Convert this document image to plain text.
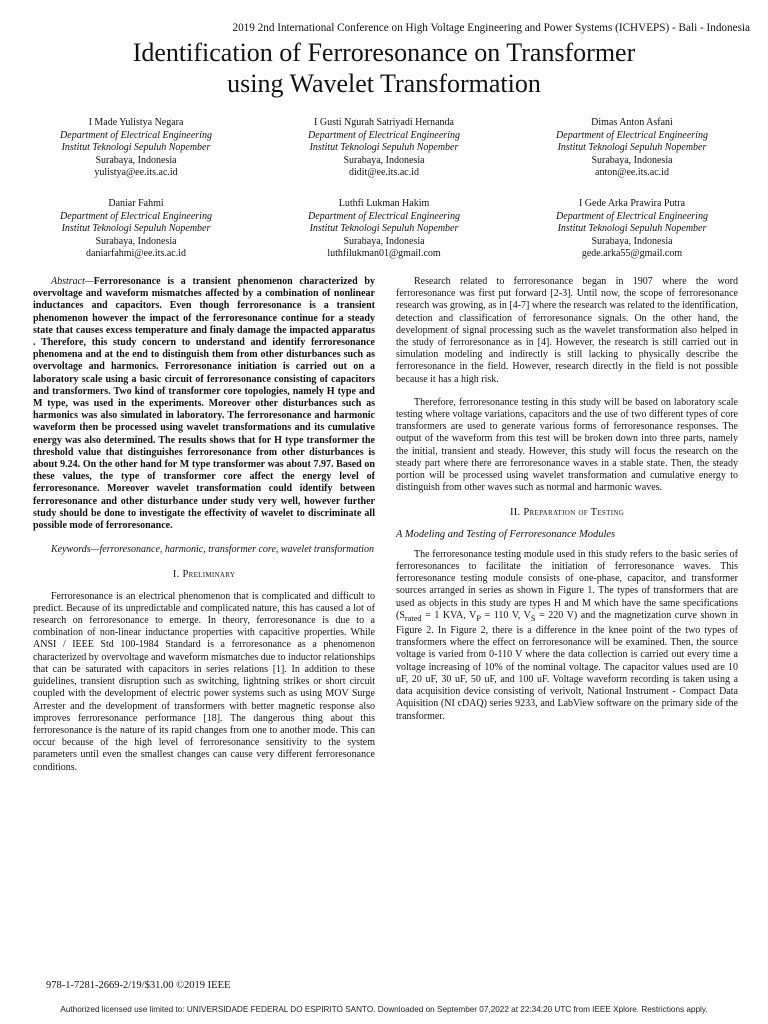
2019 2nd International Conference on High Voltage Engineering and Power Systems (ICHVEPS) - Bali - Indonesia
Identification of Ferroresonance on Transformer
using Wavelet Transformation
I Made Yulistya Negara
Department of Electrical Engineering
Institut Teknologi Sepuluh Nopember
Surabaya, Indonesia
yulistya@ee.its.ac.id
I Gusti Ngurah Satriyadi Hernanda
Department of Electrical Engineering
Institut Teknologi Sepuluh Nopember
Surabaya, Indonesia
didit@ee.its.ac.id
Dimas Anton Asfani
Department of Electrical Engineering
Institut Teknologi Sepuluh Nopember
Surabaya, Indonesia
anton@ee.its.ac.id
Daniar Fahmi
Department of Electrical Engineering
Institut Teknologi Sepuluh Nopember
Surabaya, Indonesia
daniarfahmi@ee.its.ac.id
Luthfi Lukman Hakim
Department of Electrical Engineering
Institut Teknologi Sepuluh Nopember
Surabaya, Indonesia
luthfilukman01@gmail.com
I Gede Arka Prawira Putra
Department of Electrical Engineering
Institut Teknologi Sepuluh Nopember
Surabaya, Indonesia
gede.arka55@gmail.com

Abstract—Ferroresonance is a transient phenomenon characterized by overvoltage and waveform mismatches affected by a combination of nonlinear inductances and capacitors. Even though ferroresonance is a transient phenomenon however the impact of the ferroresonance continue for a steady state that causes excess temperature and finaly damage the impacted apparatus . Therefore, this study concern to understand and identify ferroresonance phenomena and at the end to distinguish them from other disturbances such as overvoltage and harmonics. Ferroresonance initiation is carried out on a laboratory scale using a basic circuit of ferroresonance consisting of capacitors and transformers. Two kind of transformer core topologies, namely H type and M type, was used in the experiments. Moreover other disturbances such as harmonics was also simulated in laboratory. The ferroresonance and harmonic waveform then be processed using wavelet transformations and its cumulative energy was also determined. The results shows that for H type transformer the threshold value that distinguishes ferroresonance from other disturbances is about 9.24. On the other hand for M type transformer was about 7.97. Based on these values, the type of transformer core affect the energy level of ferroresonance. Moreover wavelet transformation could identify between ferroresonance and other disturbance under study very well, however further study should be done to investigate the effectivity of wavelet to discriminate all possible mode of ferroresonance.

Keywords—ferroresonance, harmonic, transformer core, wavelet transformation

I. Preliminary

Ferroresonance is an electrical phenomenon that is complicated and difficult to predict. Because of its unpredictable and complicated nature, this has caused a lot of research on ferroresonance to emerge. In theory, ferroresonance is due to a combination of non-linear inductance properties with capacitive properties. While ANSI / IEEE Std 100-1984 Standard is a ferroresonance as a phenomenon characterized by overvoltage and waveform mismatches due to inductor relationships that can be saturated with capacitors in series relations [1]. In addition to these guidelines, transient disruption such as switching, lightning strikes or short circuit coupled with the development of electric power systems such as using MOV Surge Arrester and the development of transformers with better magnetic response also improves ferroresonance performance [18]. The dangerous thing about this ferroresonance is the nature of its rapid changes from one to another mode. This can occur because of the high level of ferroresonance sensitivity to the system parameters until even the smallest changes can cause very different ferroresonance conditions.

Research related to ferroresonance began in 1907 where the word ferroresonance was first put forward [2-3]. Until now, the scope of ferroresonance research was growing, as in [4-7] where the research was related to the identification, detection and classification of ferroresonance signals. On the other hand, the development of signal processing such as the wavelet transformation also helped in the study of ferroresonance as in [4]. However, the research is still carried out in simulation modeling and indirectly is still lacking to physically describe the ferroresonance in the field. However, research directly in the field is not possible because it has a high risk.

Therefore, ferroresonance testing in this study will be based on laboratory scale testing where voltage variations, capacitors and the use of two different types of core transformers are used to generate various forms of ferroresonance responses. The output of the waveform from this test will be broken down into three parts, namely the initial, transient and steady. However, this study will focus the research on the steady part where there are ferroresonance waves in a stable state. Then, the steady portion will be processed using wavelet transformation and cumulative energy to distinguish from other waves such as normal and harmonic waves.

II. Preparation of Testing
A Modeling and Testing of Ferroresonance Modules

The ferroresonance testing module used in this study refers to the basic series of ferroresonances to facilitate the initiation of ferroresonance waves. This ferroresonance testing module consists of one-phase, capacitor, and transformer sources arranged in series as shown in Figure 1. The types of transformers that are used as objects in this study are types H and M which have the same specifications ($S_{rated} = 1$ KVA, $V_P = 110$ V, $V_S = 220$ V) and the magnetization curve shown in Figure 2. In Figure 2, there is a difference in the knee point of the two types of transformers where the effect on ferroresonance will be examined. Then, the source voltage is varied from 0-110 V where the data collection is carried out every time a voltage increasing of 10% of the nominal voltage. The capacitor values used are 10 uF, 20 uF, 30 uF, 50 uF, and 100 uF. Voltage waveform recording is taken using a data acquisition device consisting of verivolt, National Instrument - Compact Data Aquisition (NI cDAQ) series 9233, and LabView software on the primary side of the transformer.

978-1-7281-2669-2/19/$31.00 ©2019 IEEE
Authorized licensed use limited to: UNIVERSIDADE FEDERAL DO ESPIRITO SANTO. Downloaded on September 07,2022 at 22:34:20 UTC from IEEE Xplore. Restrictions apply.
